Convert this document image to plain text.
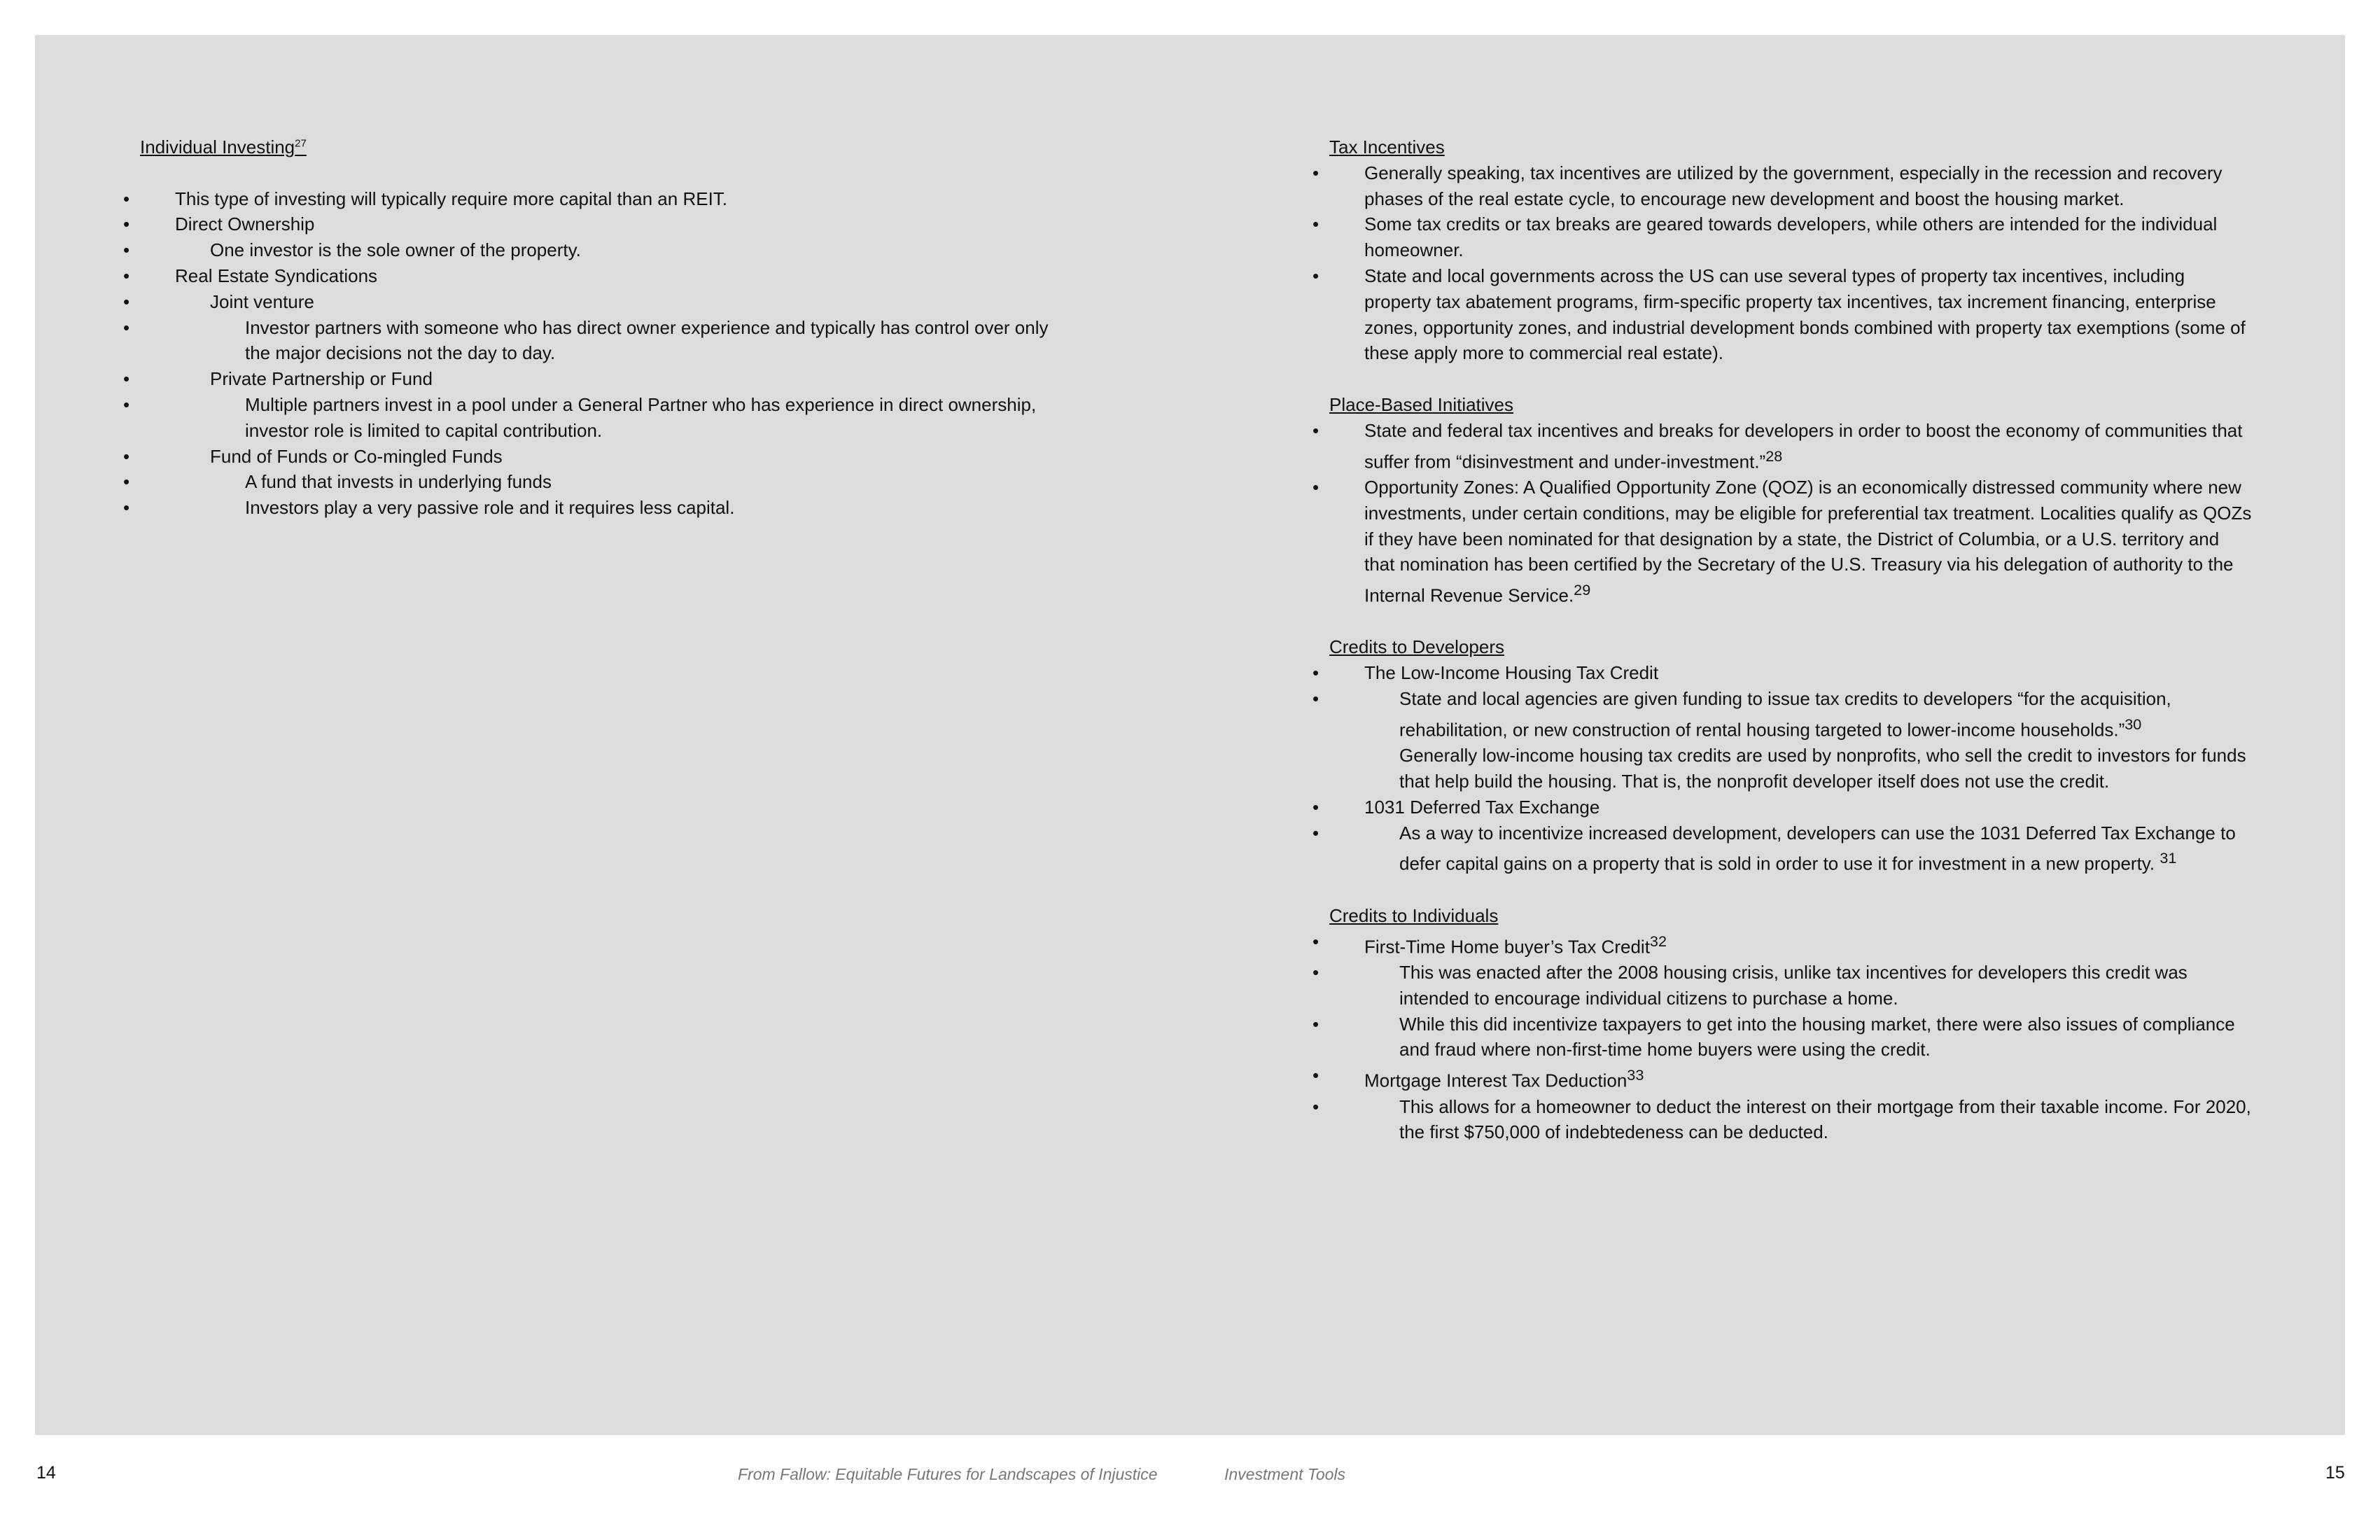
Individual Investing$^{27}$

• This type of investing will typically require more capital than an REIT.
• Direct Ownership
• One investor is the sole owner of the property.
• Real Estate Syndications
• Joint venture
• Investor partners with someone who has direct owner experience and typically has control over only the major decisions not the day to day.
• Private Partnership or Fund
• Multiple partners invest in a pool under a General Partner who has experience in direct ownership, investor role is limited to capital contribution.
• Fund of Funds or Co-mingled Funds
• A fund that invests in underlying funds
• Investors play a very passive role and it requires less capital.

Tax Incentives

• Generally speaking, tax incentives are utilized by the government, especially in the recession and recovery phases of the real estate cycle, to encourage new development and boost the housing market.
• Some tax credits or tax breaks are geared towards developers, while others are intended for the individual homeowner.
• State and local governments across the US can use several types of property tax incentives, including property tax abatement programs, firm-specific property tax incentives, tax increment financing, enterprise zones, opportunity zones, and industrial development bonds combined with property tax exemptions (some of these apply more to commercial real estate).

Place-Based Initiatives

• State and federal tax incentives and breaks for developers in order to boost the economy of communities that suffer from “disinvestment and under-investment.”$^{28}$
• Opportunity Zones: A Qualified Opportunity Zone (QOZ) is an economically distressed community where new investments, under certain conditions, may be eligible for preferential tax treatment. Localities qualify as QOZs if they have been nominated for that designation by a state, the District of Columbia, or a U.S. territory and that nomination has been certified by the Secretary of the U.S. Treasury via his delegation of authority to the Internal Revenue Service.$^{29}$

Credits to Developers

• The Low-Income Housing Tax Credit
• State and local agencies are given funding to issue tax credits to developers “for the acquisition, rehabilitation, or new construction of rental housing targeted to lower-income households.”$^{30}$
Generally low-income housing tax credits are used by nonprofits, who sell the credit to investors for funds that help build the housing. That is, the nonprofit developer itself does not use the credit.
• 1031 Deferred Tax Exchange
• As a way to incentivize increased development, developers can use the 1031 Deferred Tax Exchange to defer capital gains on a property that is sold in order to use it for investment in a new property. $^{31}$

Credits to Individuals

• First-Time Home buyer’s Tax Credit$^{32}$
• This was enacted after the 2008 housing crisis, unlike tax incentives for developers this credit was intended to encourage individual citizens to purchase a home.
• While this did incentivize taxpayers to get into the housing market, there were also issues of compliance and fraud where non-first-time home buyers were using the credit.
• Mortgage Interest Tax Deduction$^{33}$
• This allows for a homeowner to deduct the interest on their mortgage from their taxable income. For 2020, the first $750,000 of indebtedeness can be deducted.
14	From Fallow: Equitable Futures for Landscapes of Injustice	Investment Tools	15
